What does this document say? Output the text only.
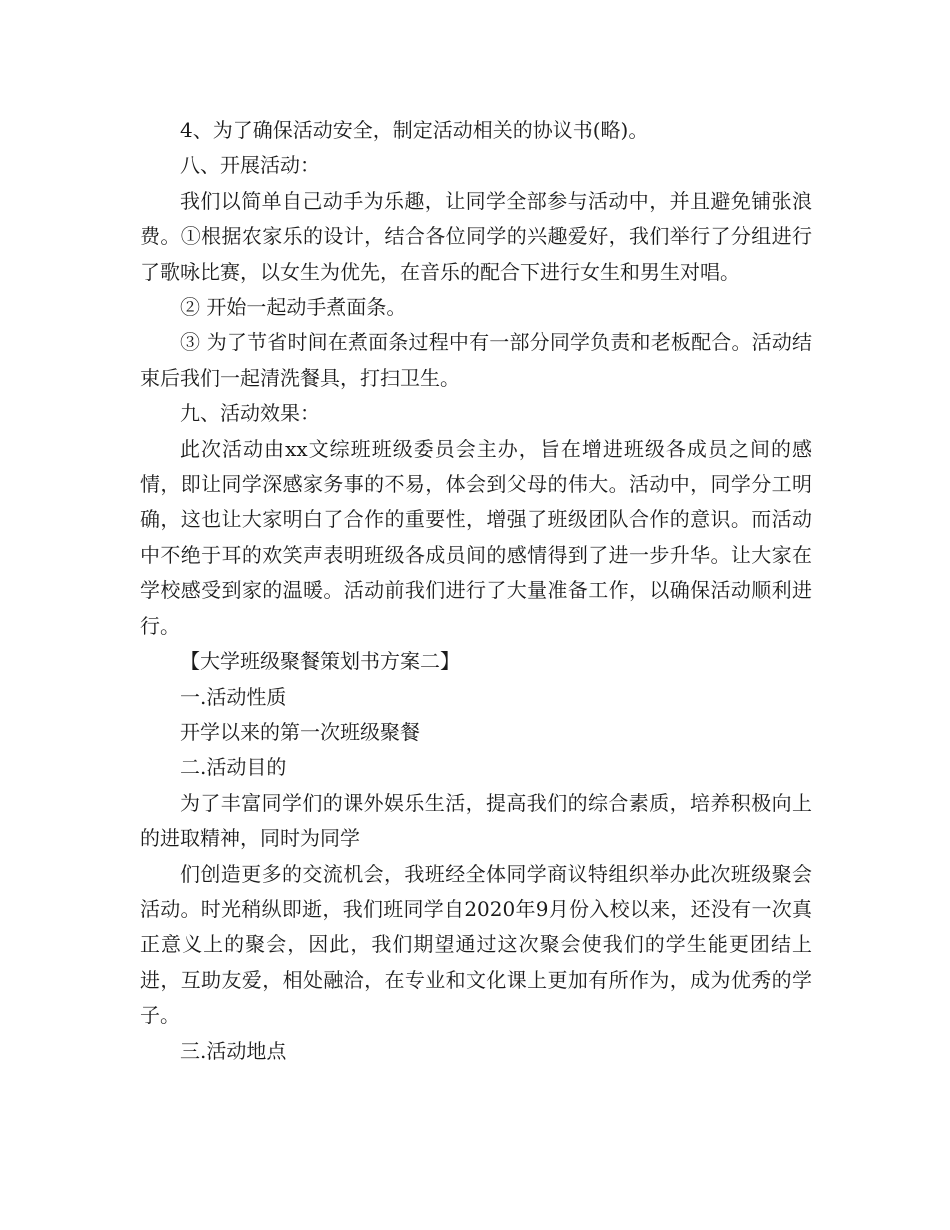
4、为了确保活动安全，制定活动相关的协议书(略)。

八、开展活动：

我们以简单自己动手为乐趣，让同学全部参与活动中，并且避免铺张浪费。①根据农家乐的设计，结合各位同学的兴趣爱好，我们举行了分组进行了歌咏比赛，以女生为优先，在音乐的配合下进行女生和男生对唱。

② 开始一起动手煮面条。

③ 为了节省时间在煮面条过程中有一部分同学负责和老板配合。活动结束后我们一起清洗餐具，打扫卫生。

九、活动效果：

此次活动由xx文综班班级委员会主办，旨在增进班级各成员之间的感情，即让同学深感家务事的不易，体会到父母的伟大。活动中，同学分工明确，这也让大家明白了合作的重要性，增强了班级团队合作的意识。而活动中不绝于耳的欢笑声表明班级各成员间的感情得到了进一步升华。让大家在学校感受到家的温暖。活动前我们进行了大量准备工作，以确保活动顺利进行。

【大学班级聚餐策划书方案二】

一.活动性质

开学以来的第一次班级聚餐

二.活动目的

为了丰富同学们的课外娱乐生活，提高我们的综合素质，培养积极向上的进取精神，同时为同学

们创造更多的交流机会，我班经全体同学商议特组织举办此次班级聚会活动。时光稍纵即逝，我们班同学自2020年9月份入校以来，还没有一次真正意义上的聚会，因此，我们期望通过这次聚会使我们的学生能更团结上进，互助友爱，相处融洽，在专业和文化课上更加有所作为，成为优秀的学子。

三.活动地点
